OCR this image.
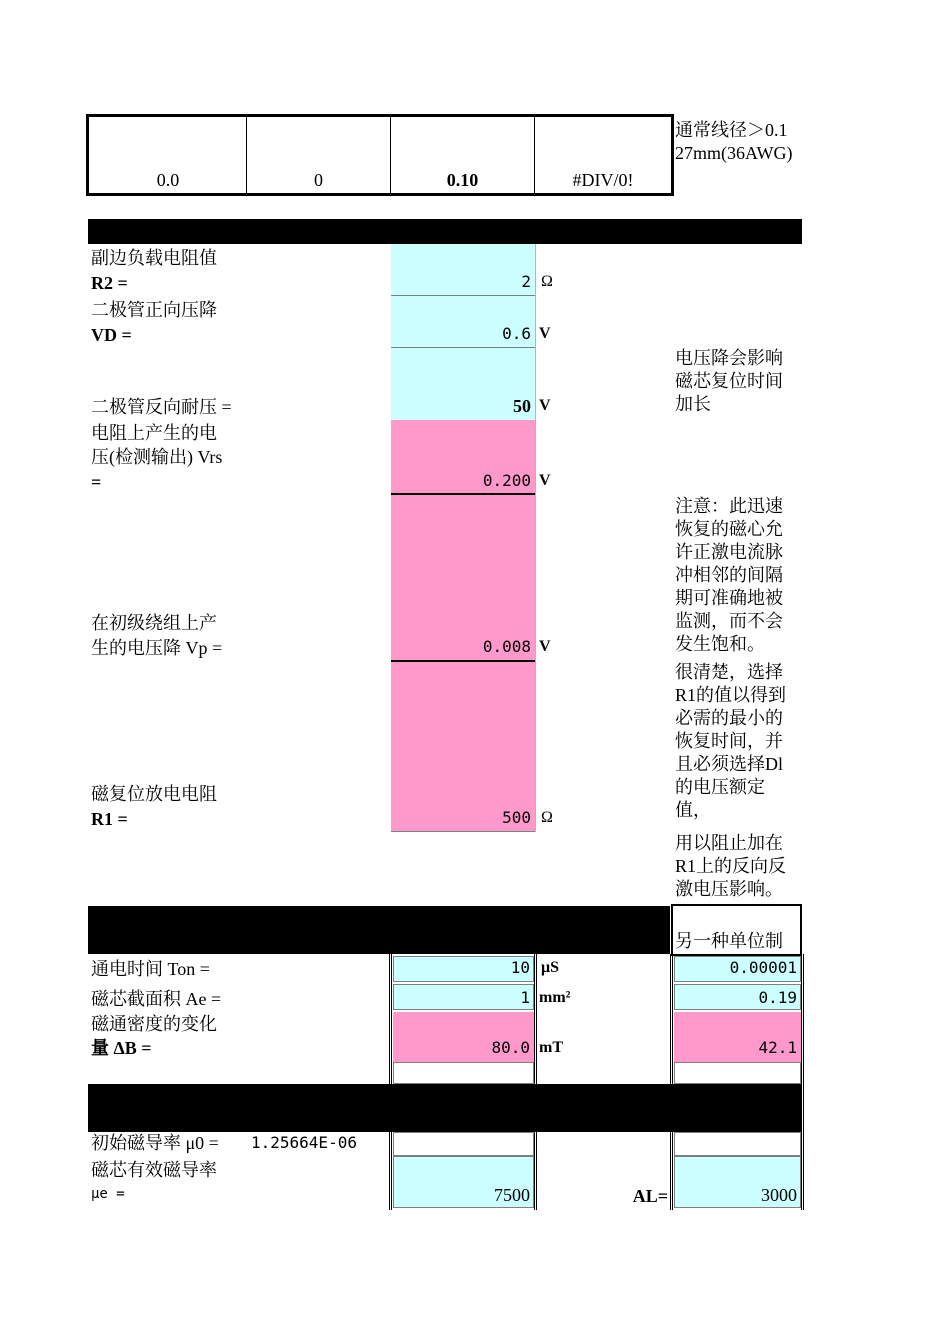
0.0	0	0.10	#DIV/0!
通常线径＞0.127mm(36AWG)
副边负载电阻值
R2 =	2 Ω
二极管正向压降
VD =	0.6 V
二极管反向耐压 =	50 V
电压降会影响磁芯复位时间加长
电阻上产生的电
压(检测输出) Vrs
=	0.200 V
在初级绕组上产
生的电压降 Vp =	0.008 V
注意：此迅速恢复的磁心允许正激电流脉冲相邻的间隔期可准确地被监测，而不会发生饱和。
磁复位放电电阻
R1 =	500 Ω
很清楚，选择R1的值以得到必需的最小的恢复时间，并且必须选择Dl的电压额定值，
用以阻止加在R1上的反向反激电压影响。
另一种单位制
通电时间 Ton =	10 μS	0.00001
磁芯截面积 Ae =	1 mm²	0.19
磁通密度的变化
量 ΔB =	80.0 mT	42.1
初始磁导率 μ0 = 1.25664E-06
磁芯有效磁导率
μe =	7500	AL=	3000
